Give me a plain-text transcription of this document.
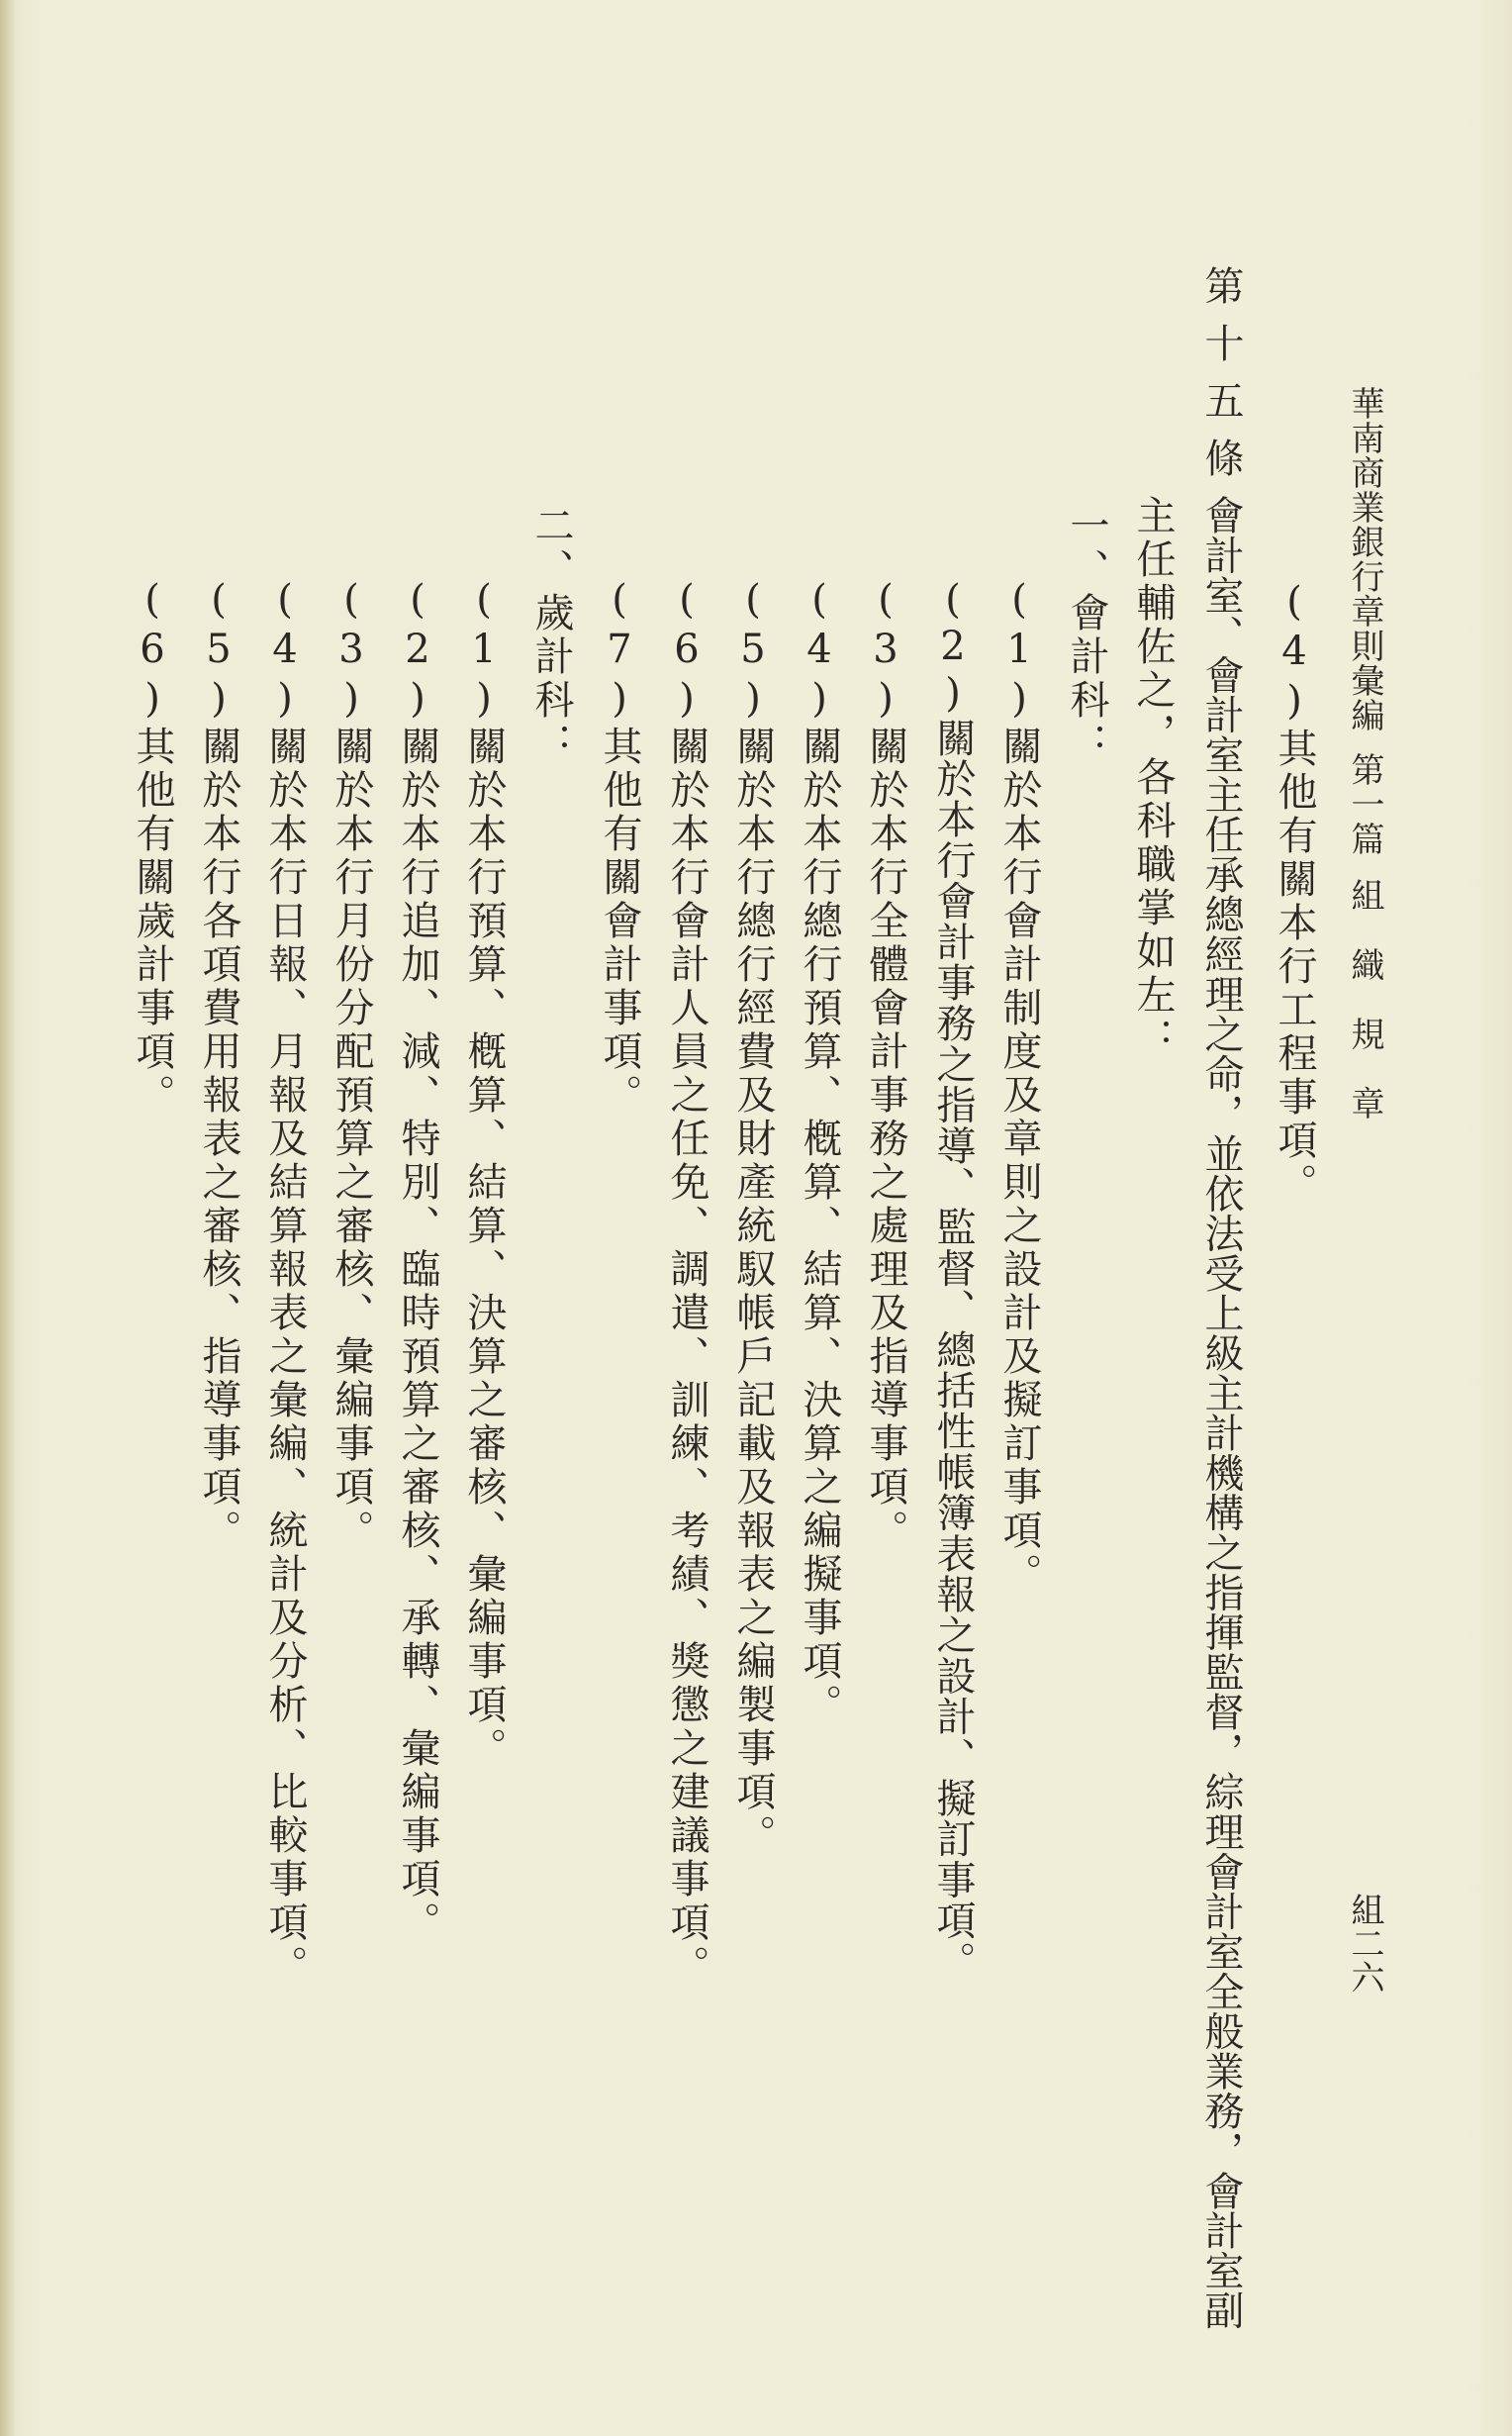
華南商業銀行章則彙編第一篇組　織　規　章
組二六
(4)其他有關本行工程事項。
第十五條
會計室、會計室主任承總經理之命，並依法受上級主計機構之指揮監督，綜理會計室全般業務，會計室副
主任輔佐之，各科職掌如左：
一、會計科：
(1)關於本行會計制度及章則之設計及擬訂事項。
(2)關於本行會計事務之指導、監督、總括性帳簿表報之設計、擬訂事項。
(3)關於本行全體會計事務之處理及指導事項。
(4)關於本行總行預算、槪算、結算、決算之編擬事項。
(5)關於本行總行經費及財產統馭帳戶記載及報表之編製事項。
(6)關於本行會計人員之任免、調遣、訓練、考績、獎懲之建議事項。
(7)其他有關會計事項。
二、歲計科：
(1)關於本行預算、槪算、結算、決算之審核、彙編事項。
(2)關於本行追加、減、特別、臨時預算之審核、承轉、彙編事項。
(3)關於本行月份分配預算之審核、彙編事項。
(4)關於本行日報、月報及結算報表之彙編、統計及分析、比較事項。
(5)關於本行各項費用報表之審核、指導事項。
(6)其他有關歲計事項。
